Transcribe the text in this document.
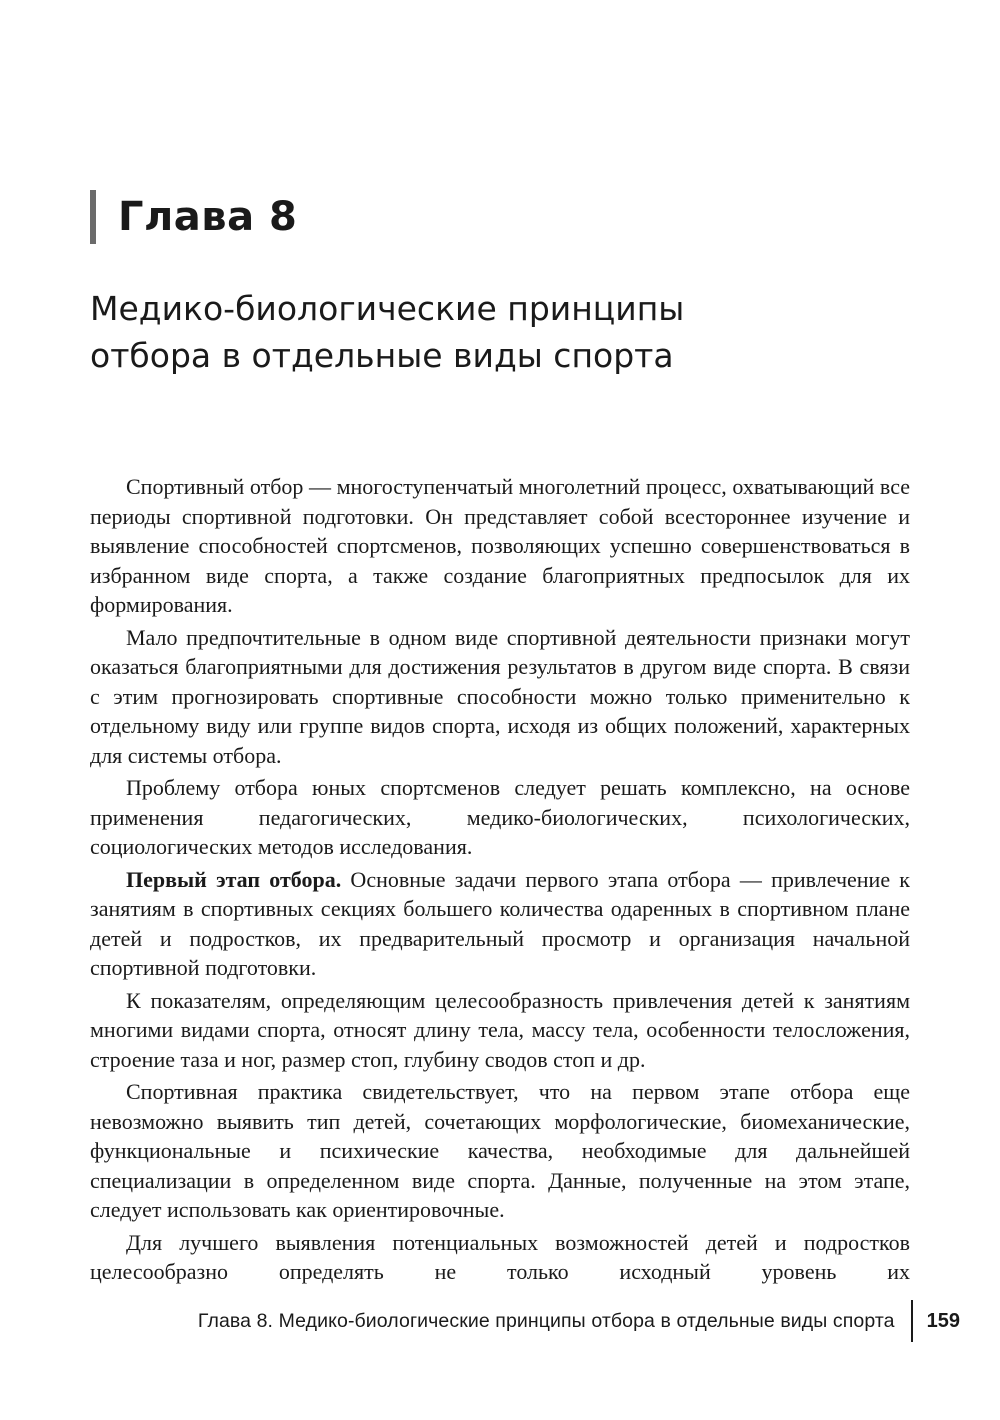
Глава 8
Медико-биологические принципы
отбора в отдельные виды спорта

Спортивный отбор — многоступенчатый многолетний процесс, охватывающий все периоды спортивной подготовки. Он представляет собой всестороннее изучение и выявление способностей спортсменов, позволяющих успешно совершенствоваться в избранном виде спорта, а также создание благоприятных предпосылок для их формирования.

Мало предпочтительные в одном виде спортивной деятельности признаки могут оказаться благоприятными для достижения результатов в другом виде спорта. В связи с этим прогнозировать спортивные способности можно только применительно к отдельному виду или группе видов спорта, исходя из общих положений, характерных для системы отбора.

Проблему отбора юных спортсменов следует решать комплексно, на основе применения педагогических, медико-биологических, психологических, социологических методов исследования.

Первый этап отбора. Основные задачи первого этапа отбора — привлечение к занятиям в спортивных секциях большего количества одаренных в спортивном плане детей и подростков, их предварительный просмотр и организация начальной спортивной подготовки.

К показателям, определяющим целесообразность привлечения детей к занятиям многими видами спорта, относят длину тела, массу тела, особенности телосложения, строение таза и ног, размер стоп, глубину сводов стоп и др.

Спортивная практика свидетельствует, что на первом этапе отбора еще невозможно выявить тип детей, сочетающих морфологические, биомеханические, функциональные и психические качества, необходимые для дальнейшей специализации в определенном виде спорта. Данные, полученные на этом этапе, следует использовать как ориентировочные.

Для лучшего выявления потенциальных возможностей детей и подростков целесообразно определять не только исходный уровень их

Глава 8. Медико-биологические принципы отбора в отдельные виды спорта 159
